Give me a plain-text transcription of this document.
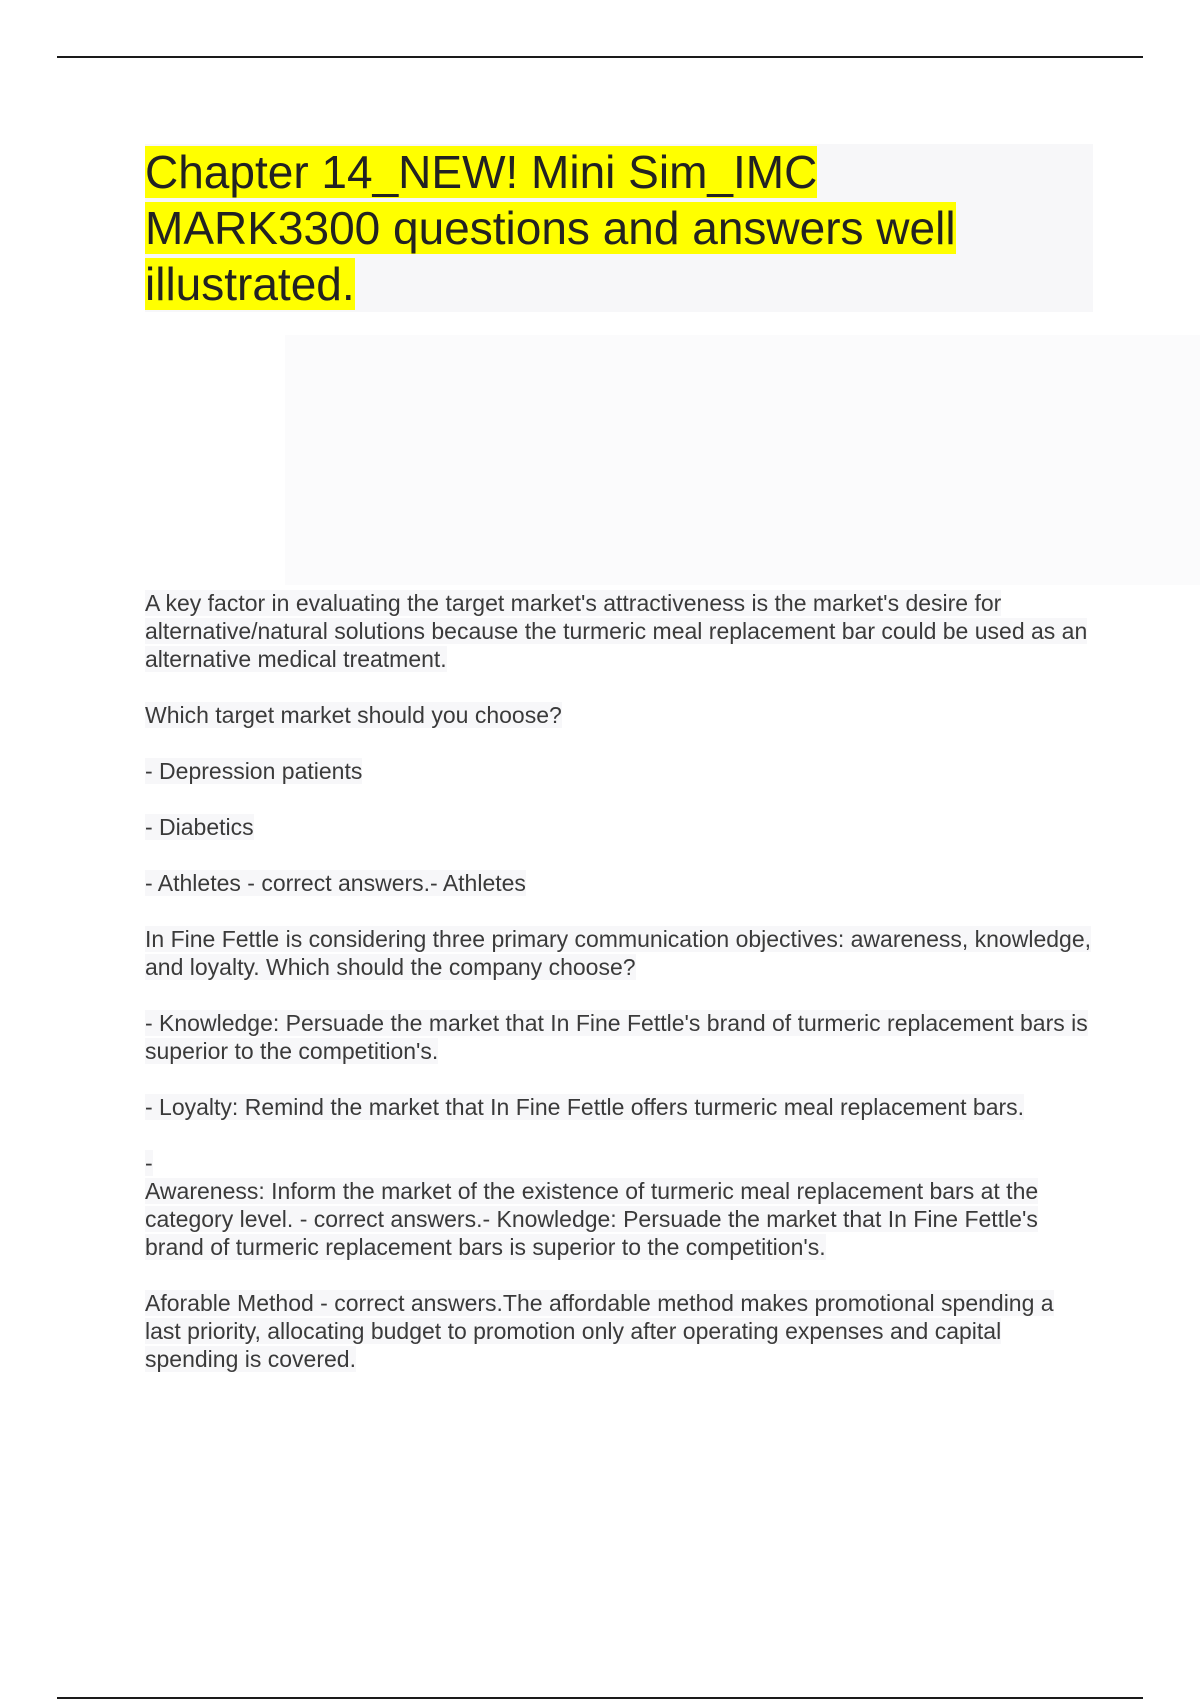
Chapter 14_NEW! Mini Sim_IMC MARK3300 questions and answers well illustrated.

A key factor in evaluating the target market's attractiveness is the market's desire for alternative/natural solutions because the turmeric meal replacement bar could be used as an alternative medical treatment.

Which target market should you choose?

- Depression patients

- Diabetics

- Athletes - correct answers.- Athletes

In Fine Fettle is considering three primary communication objectives: awareness, knowledge, and loyalty. Which should the company choose?

- Knowledge: Persuade the market that In Fine Fettle's brand of turmeric replacement bars is superior to the competition's.

- Loyalty: Remind the market that In Fine Fettle offers turmeric meal replacement bars.

-
Awareness: Inform the market of the existence of turmeric meal replacement bars at the category level. - correct answers.- Knowledge: Persuade the market that In Fine Fettle's brand of turmeric replacement bars is superior to the competition's.

Aforable Method - correct answers.The affordable method makes promotional spending a last priority, allocating budget to promotion only after operating expenses and capital spending is covered.
